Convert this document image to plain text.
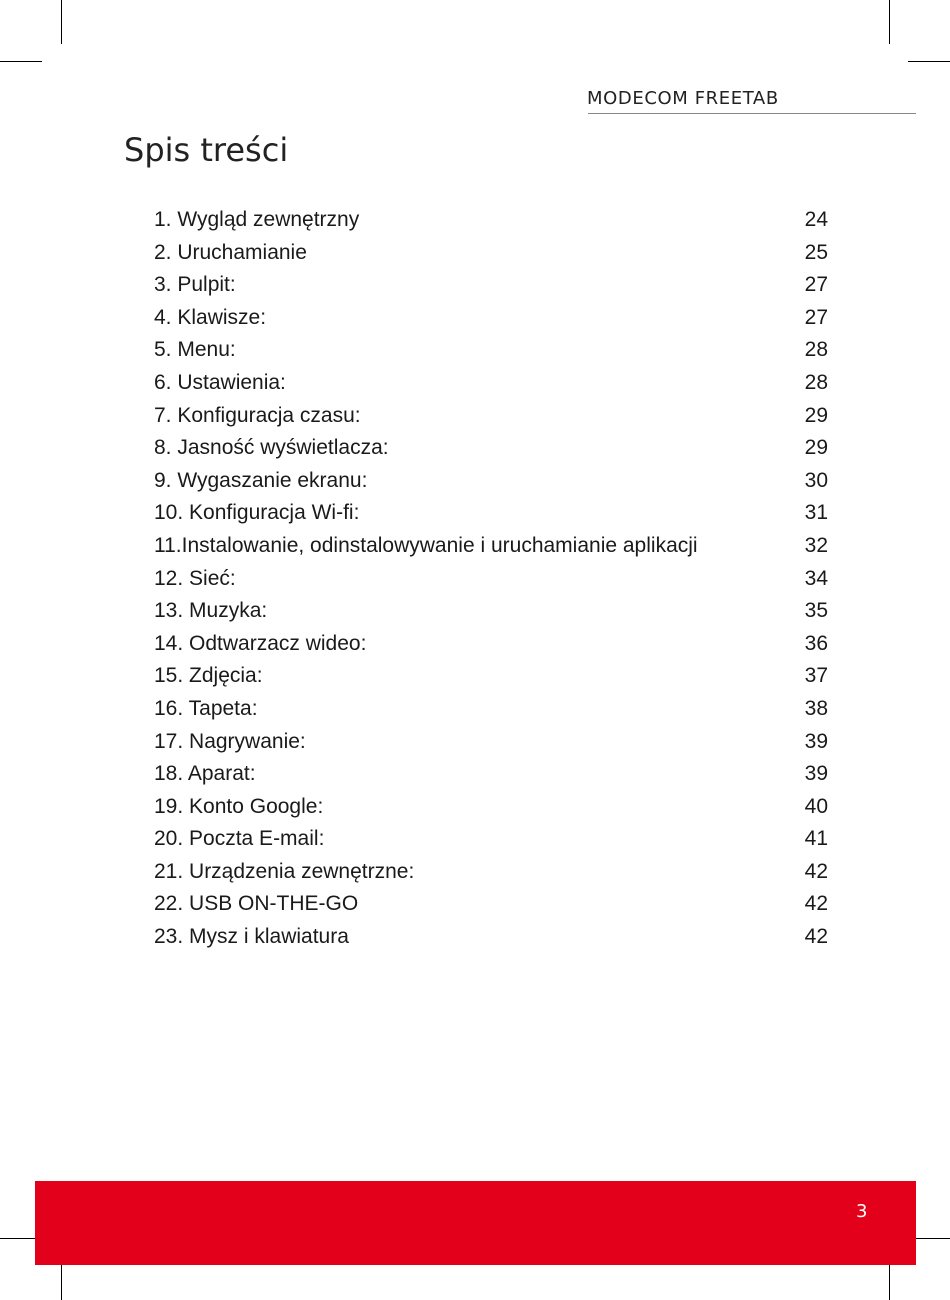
MODECOM FREETAB
Spis treści
1. Wygląd zewnętrzny	24
2. Uruchamianie	25
3. Pulpit:	27
4. Klawisze:	27
5. Menu:	28
6. Ustawienia:	28
7. Konfiguracja czasu:	29
8. Jasność wyświetlacza:	29
9. Wygaszanie ekranu:	30
10. Konfiguracja Wi-fi:	31
11.Instalowanie, odinstalowywanie i uruchamianie aplikacji	32
12. Sieć:	34
13. Muzyka:	35
14. Odtwarzacz wideo:	36
15. Zdjęcia:	37
16. Tapeta:	38
17. Nagrywanie:	39
18. Aparat:	39
19. Konto Google:	40
20. Poczta E-mail:	41
21. Urządzenia zewnętrzne:	42
22. USB ON-THE-GO	42
23. Mysz i klawiatura	42
3
